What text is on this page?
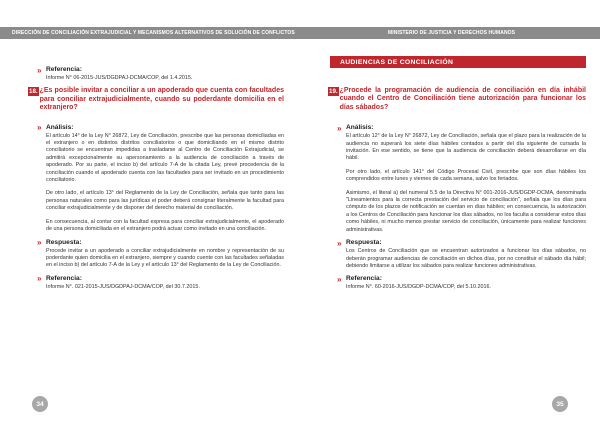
DIRECCIÓN DE CONCILIACIÓN EXTRAJUDICIAL Y MECANISMOS ALTERNATIVOS DE SOLUCIÓN DE CONFLICTOS
» Referencia:
Informe N° 06-2015-JUS/DGDPAJ-DCMA/COP, del 1.4.2015.
18. ¿Es posible invitar a conciliar a un apoderado que cuenta con facultades para conciliar extrajudicialmente, cuando su poderdante domicilia en el extranjero?
» Análisis:

El artículo 14° de la Ley N° 26872, Ley de Conciliación, prescribe que las personas domiciliadas en el extranjero o en distintos distritos conciliatorios o que domiciliando en el mismo distrito conciliatorio se encuentran impedidas a trasladarse al Centro de Conciliación Extrajudicial, se admitirá excepcionalmente su apersonamiento a la audiencia de conciliación a través de apoderado. Por su parte, el inciso b) del artículo 7-A de la citada Ley, prevé procedencia de la conciliación cuando el apoderado cuenta con las facultades para ser invitado en un procedimiento conciliatorio.

De otro lado, el artículo 13° del Reglamento de la Ley de Conciliación, señala que tanto para las personas naturales como para las jurídicas el poder deberá consignar literalmente la facultad para conciliar extrajudicialmente y de disponer del derecho material de conciliación.

En consecuencia, al contar con la facultad expresa para conciliar extrajudicialmente, el apoderado de una persona domiciliada en el extranjero podrá actuar como invitado en una conciliación.

» Respuesta:
Procede invitar a un apoderado a conciliar extrajudicialmente en nombre y representación de su poderdante quien domicilia en el extranjero, siempre y cuando cuente con las facultades señaladas en el inciso b) del artículo 7-A de la Ley y el artículo 13° del Reglamento de la Ley de Conciliación.
» Referencia:
Informe N°. 021-2015-JUS/DGDPAJ-DCMA/COP, del 30.7.2015.
34
MINISTERIO DE JUSTICIA Y DERECHOS HUMANOS
AUDIENCIAS DE CONCILIACIÓN
19. ¿Procede la programación de audiencia de conciliación en día inhábil cuando el Centro de Conciliación tiene autorización para funcionar los días sábados?
» Análisis:

El artículo 12° de la Ley N° 26872, Ley de Conciliación, señala que el plazo para la realización de la audiencia no superará los siete días hábiles contados a partir del día siguiente de cursada la invitación. En ese sentido, se tiene que la audiencia de conciliación deberá desarrollarse en día hábil.

Por otro lado, el artículo 141° del Código Procesal Civil, prescribe que son días hábiles los comprendidos entre lunes y viernes de cada semana, salvo los feriados.

Asimismo, el literal a) del numeral 5.5 de la Directiva N° 001-2016-JUS/DGDP-DCMA, denominada "Lineamientos para la correcta prestación del servicio de conciliación", señala que los días para cómputo de los plazos de notificación se cuentan en días hábiles; en consecuencia, la autorización a los Centros de Conciliación para funcionar los días sábados, no los faculta a considerar estos días como hábiles, ni mucho menos prestar servicio de conciliación, únicamente para realizar funciones administrativas.

» Respuesta:
Los Centros de Conciliación que se encuentran autorizados a funcionar los días sábados, no deberán programar audiencias de conciliación en dichos días, por no constituir el sábado día hábil; debiendo limitarse a utilizar los sábados para realizar funciones administrativas.
» Referencia:
Informe N°. 60-2016-JUS/DGDP-DCMA/COP, del 5.10.2016.
35
